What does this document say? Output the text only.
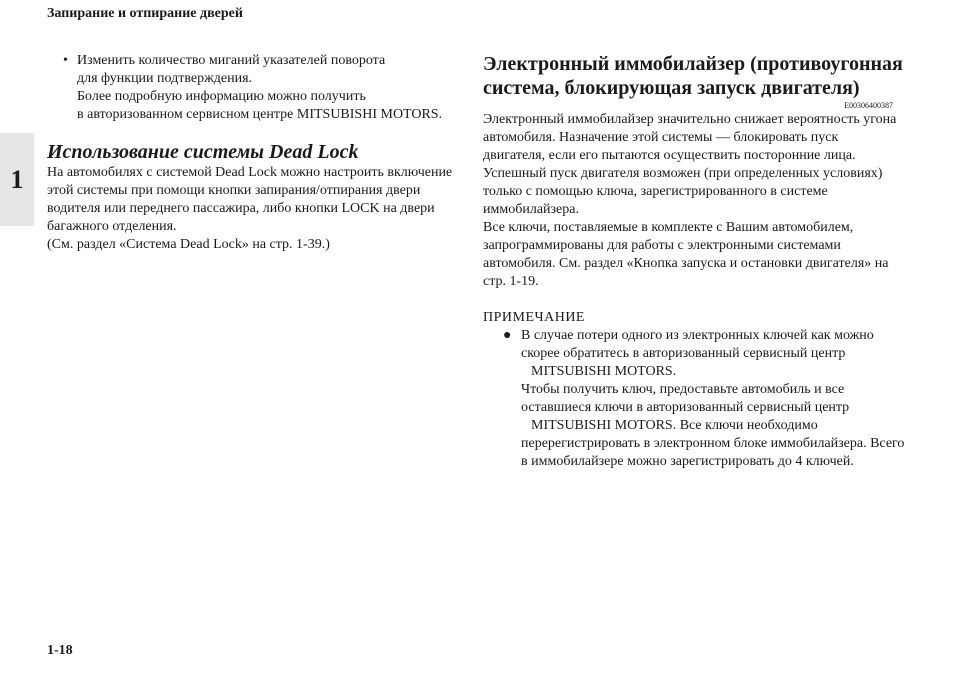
Запирание и отпирание дверей
1
• Изменить количество миганий указателей поворота
для функции подтверждения.
Более подробную информацию можно получить
в авторизованном сервисном центре MITSUBISHI MOTORS.
Использование системы Dead Lock
На автомобилях с системой Dead Lock можно настроить включение
этой системы при помощи кнопки запирания/отпирания двери
водителя или переднего пассажира, либо кнопки LOCK на двери
багажного отделения.
(См. раздел «Система Dead Lock» на стр. 1-39.)
Электронный иммобилайзер (противоугонная
система, блокирующая запуск двигателя)
E00306400387
Электронный иммобилайзер значительно снижает вероятность угона
автомобиля. Назначение этой системы — блокировать пуск
двигателя, если его пытаются осуществить посторонние лица.
Успешный пуск двигателя возможен (при определенных условиях)
только с помощью ключа, зарегистрированного в системе
иммобилайзера.
Все ключи, поставляемые в комплекте с Вашим автомобилем,
запрограммированы для работы с электронными системами
автомобиля. См. раздел «Кнопка запуска и остановки двигателя» на
стр. 1-19.
ПРИМЕЧАНИЕ
● В случае потери одного из электронных ключей как можно
скорее обратитесь в авторизованный сервисный центр
MITSUBISHI MOTORS.
Чтобы получить ключ, предоставьте автомобиль и все
оставшиеся ключи в авторизованный сервисный центр
MITSUBISHI MOTORS. Все ключи необходимо
перерегистрировать в электронном блоке иммобилайзера. Всего
в иммобилайзере можно зарегистрировать до 4 ключей.
1-18
